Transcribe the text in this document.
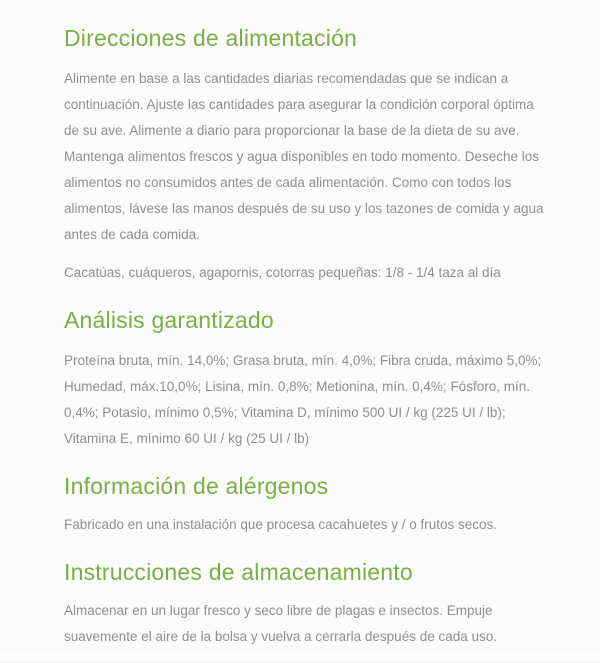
Direcciones de alimentación

Alimente en base a las cantidades diarias recomendadas que se indican a continuación. Ajuste las cantidades para asegurar la condición corporal óptima de su ave. Alimente a diario para proporcionar la base de la dieta de su ave. Mantenga alimentos frescos y agua disponibles en todo momento. Deseche los alimentos no consumidos antes de cada alimentación. Como con todos los alimentos, lávese las manos después de su uso y los tazones de comida y agua antes de cada comida.

Cacatúas, cuáqueros, agapornis, cotorras pequeñas: 1/8 - 1/4 taza al día

Análisis garantizado

Proteína bruta, mín. 14,0%; Grasa bruta, mín. 4,0%; Fibra cruda, máximo 5,0%; Humedad, máx.10,0%; Lisina, mín. 0,8%; Metionina, mín. 0,4%; Fósforo, mín. 0,4%; Potasio, mínimo 0,5%; Vitamina D, mínimo 500 UI / kg (225 UI / lb); Vitamina E, mínimo 60 UI / kg (25 UI / lb)

Información de alérgenos

Fabricado en una instalación que procesa cacahuetes y / o frutos secos.

Instrucciones de almacenamiento

Almacenar en un lugar fresco y seco libre de plagas e insectos. Empuje suavemente el aire de la bolsa y vuelva a cerrarla después de cada uso.
